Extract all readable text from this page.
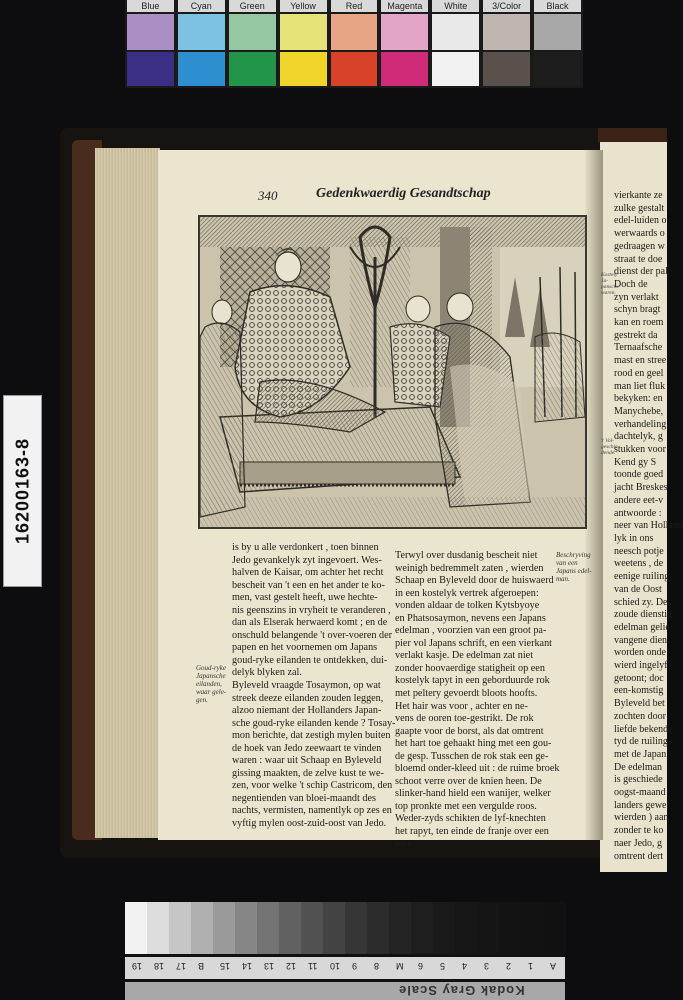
Blue	Cyan	Green	Yellow	Red	Magenta	White	3/Color	Black
16200163-8
340	Gedenkwaerdig Gesandtschap
Goud-ryke Japansche eilanden, waar gele-gen.
Beschryving van een Japans edel-man.
is by u alle verdonkert , toen binnen
Jedo gevankelyk zyt ingevoert. Wes-
halven de Kaisar, om achter het recht
bescheit van 't een en het ander te ko-
men, vast gestelt heeft, uwe hechte-
nis geenszins in vryheit te veranderen ,
dan als Elserak herwaerd komt ; en de
onschuld belangende 't over-voeren der
papen en het voornemen om Japans
goud-ryke eilanden te ontdekken, dui-
delyk blyken zal.
Byleveld vraagde Tosaymon, op wat
streek deeze eilanden zouden leggen,
alzoo niemant der Hollanders Japan-
sche goud-ryke eilanden kende ? Tosay-
mon berichte, dat zestigh mylen buiten
de hoek van Jedo zeewaart te vinden
waren : waar uit Schaap en Byleveld
gissing maakten, de zelve kust te we-
zen, voor welke 't schip Castricom, den
negentienden van bloei-maandt des
nachts, vermisten, namentlyk op zes en
vyftig mylen oost-zuid-oost van Jedo.
Terwyl over dusdanig bescheit niet
weinigh bedremmelt zaten , wierden
Schaap en Byleveld door de huiswaerd
in een kostelyk vertrek afgeroepen:
vonden aldaar de tolken Kytsbyoye
en Phatsosaymon, nevens een Japans
edelman , voorzien van een groot pa-
pier vol Japans schrift, en een vierkant
verlakt kasje. De edelman zat niet
zonder hoovaerdige statigheit op een
kostelyk tapyt in een geborduurde rok
met peltery gevoerdt bloots hoofts.
Het hair was voor , achter en ne-
vens de ooren toe-gestrikt. De rok
gaapte voor de borst, als dat omtrent
het hart toe gehaakt hing met een gou-
de gesp. Tusschen de rok stak een ge-
bloemd onder-kleed uit : de ruime broek
schoot verre over de knien heen. De
slinker-hand hield een wanijer, welker
top pronkte met een vergulde roos.
Weder-zyds schikten de lyf-knechten
het rapyt, ten einde de franje over een
vier-
vierkante ze
zulke gestalt
edel-luiden o
werwaards o
gedraagen w
straat te doe
dienst der pal
Doch de
zyn verlakt
schyn bragt
kan en roem
gestrekt da
Ternaafsche
mast en stree
rood en geel
man liet fluk
bekyken: en
Manychebe,
verhandeling
dachtelyk, g
stukken voor
Kend gy S
toonde goed
jacht Breskes
andere eet-v
antwoorde :
neer van Holland
lyk in ons
neesch potje
weetens , de
eenige ruiling
van de Oost
schied zy. De
zoude dienstig
edelman gelie
vangene dien
worden onde
wierd ingelyf
getoont; doc
een-komstig
Byleveld bet
zochten door
liefde bekende
tyd de ruiling
met de Japan
De edelman
is geschiede
oogst-maand
landers gewe
wierden ) aan
zonder te ko
naer Jedo, g
omtrent dert
Kostely Ja- pansche waren.
't Vol- geschie- dende.
A
1
2
3
4
5
6
M
8
9
10
11
12
13
14
15
B
17
18
19
Kodak Gray Scale
